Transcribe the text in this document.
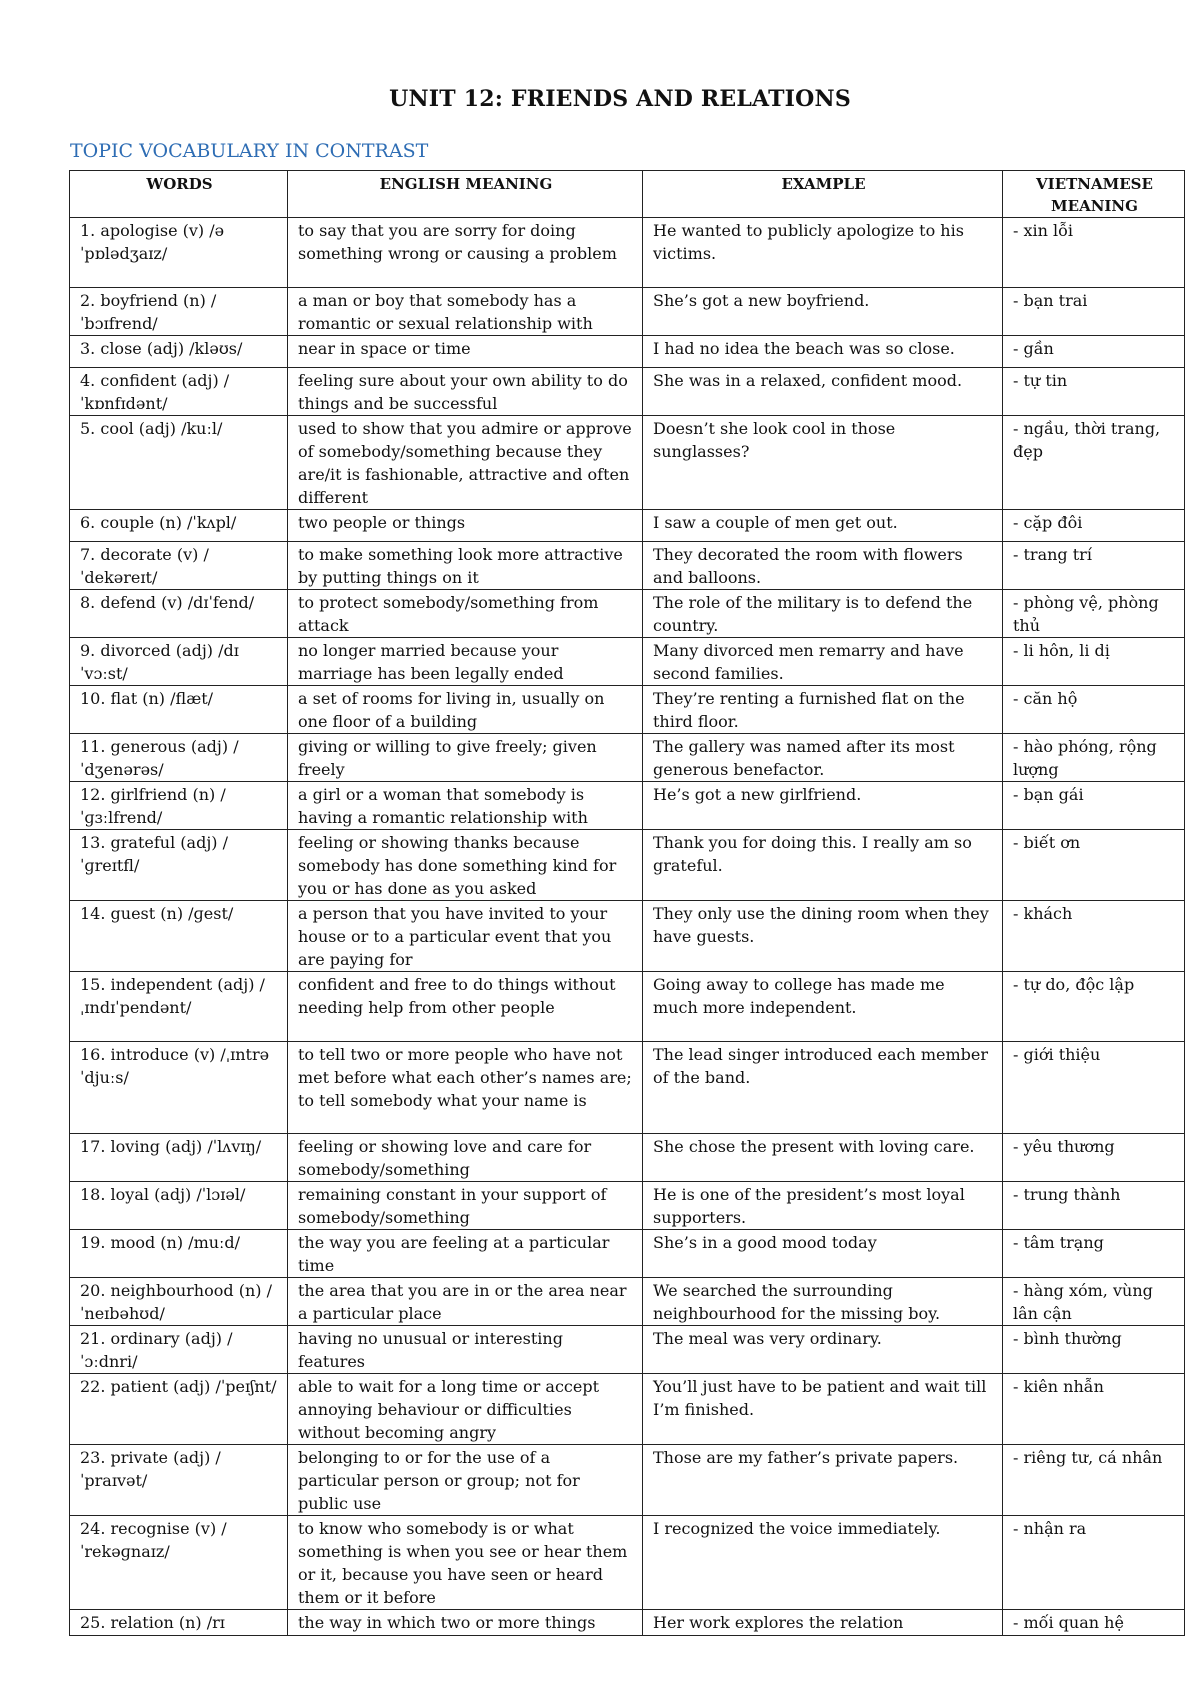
UNIT 12: FRIENDS AND RELATIONS
TOPIC VOCABULARY IN CONTRAST
WORDS	ENGLISH MEANING	EXAMPLE	VIETNAMESE MEANING
1. apologise (v) /əˈpɒlədʒaɪz/	to say that you are sorry for doing something wrong or causing a problem	He wanted to publicly apologize to his victims.	- xin lỗi
2. boyfriend (n) /ˈbɔɪfrend/	a man or boy that somebody has a romantic or sexual relationship with	She’s got a new boyfriend.	- bạn trai
3. close (adj) /kləʊs/	near in space or time	I had no idea the beach was so close.	- gần
4. confident (adj) /ˈkɒnfɪdənt/	feeling sure about your own ability to do things and be successful	She was in a relaxed, confident mood.	- tự tin
5. cool (adj) /kuːl/	used to show that you admire or approve of somebody/something because they are/it is fashionable, attractive and often different	Doesn’t she look cool in those sunglasses?	- ngầu, thời trang, đẹp
6. couple (n) /ˈkʌpl/	two people or things	I saw a couple of men get out.	- cặp đôi
7. decorate (v) /ˈdekəreɪt/	to make something look more attractive by putting things on it	They decorated the room with flowers and balloons.	- trang trí
8. defend (v) /dɪˈfend/	to protect somebody/something from attack	The role of the military is to defend the country.	- phòng vệ, phòng thủ
9. divorced (adj) /dɪˈvɔːst/	no longer married because your marriage has been legally ended	Many divorced men remarry and have second families.	- li hôn, li dị
10. flat (n) /flæt/	a set of rooms for living in, usually on one floor of a building	They’re renting a furnished flat on the third floor.	- căn hộ
11. generous (adj) /ˈdʒenərəs/	giving or willing to give freely; given freely	The gallery was named after its most generous benefactor.	- hào phóng, rộng lượng
12. girlfriend (n) /ˈɡɜːlfrend/	a girl or a woman that somebody is having a romantic relationship with	He’s got a new girlfriend.	- bạn gái
13. grateful (adj) /ˈɡreɪtfl/	feeling or showing thanks because somebody has done something kind for you or has done as you asked	Thank you for doing this. I really am so grateful.	- biết ơn
14. guest (n) /ɡest/	a person that you have invited to your house or to a particular event that you are paying for	They only use the dining room when they have guests.	- khách
15. independent (adj) /ˌɪndɪˈpendənt/	confident and free to do things without needing help from other people	Going away to college has made me much more independent.	- tự do, độc lập
16. introduce (v) /ˌɪntrəˈdjuːs/	to tell two or more people who have not met before what each other’s names are; to tell somebody what your name is	The lead singer introduced each member of the band.	- giới thiệu
17. loving (adj) /ˈlʌvɪŋ/	feeling or showing love and care for somebody/something	She chose the present with loving care.	- yêu thương
18. loyal (adj) /ˈlɔɪəl/	remaining constant in your support of somebody/something	He is one of the president’s most loyal supporters.	- trung thành
19. mood (n) /muːd/	the way you are feeling at a particular time	She’s in a good mood today	- tâm trạng
20. neighbourhood (n) /ˈneɪbəhʊd/	the area that you are in or the area near a particular place	We searched the surrounding neighbourhood for the missing boy.	- hàng xóm, vùng lân cận
21. ordinary (adj) /ˈɔːdnri/	having no unusual or interesting features	The meal was very ordinary.	- bình thường
22. patient (adj) /ˈpeɪʃnt/	able to wait for a long time or accept annoying behaviour or difficulties without becoming angry	You’ll just have to be patient and wait till I’m finished.	- kiên nhẫn
23. private (adj) /ˈpraɪvət/	belonging to or for the use of a particular person or group; not for public use	Those are my father’s private papers.	- riêng tư, cá nhân
24. recognise (v) /ˈrekəɡnaɪz/	to know who somebody is or what something is when you see or hear them or it, because you have seen or heard them or it before	I recognized the voice immediately.	- nhận ra
25. relation (n) /rɪ	the way in which two or more things	Her work explores the relation	- mối quan hệ
